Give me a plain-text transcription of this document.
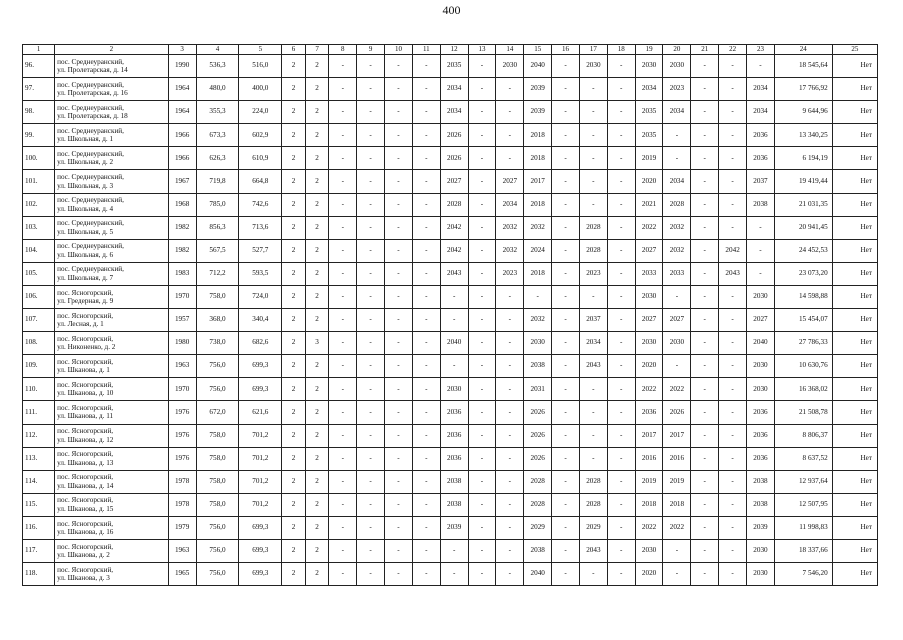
400
1	2	3	4	5	6	7	8	9	10	11	12	13	14	15	16	17	18	19	20	21	22	23	24	25
96.	пос. Среднеуранский,
ул. Пролетарская, д. 14	1990	536,3	516,0	2	2	-	-	-	-	2035	-	2030	2040	-	2030	-	2030	2030	-	-	-	18 545,64	Нет
97.	пос. Среднеуранский,
ул. Пролетарская, д. 16	1964	480,0	400,0	2	2	-	-	-	-	2034	-	-	2039	-	-	-	2034	2023	-	-	2034	17 766,92	Нет
98.	пос. Среднеуранский,
ул. Пролетарская, д. 18	1964	355,3	224,0	2	2	-	-	-	-	2034	-	-	2039	-	-	-	2035	2034	-	-	2034	9 644,96	Нет
99.	пос. Среднеуранский,
ул. Школьная, д. 1	1966	673,3	602,9	2	2	-	-	-	-	2026	-	-	2018	-	-	-	2035	-	-	-	2036	13 340,25	Нет
100.	пос. Среднеуранский,
ул. Школьная, д. 2	1966	626,3	610,9	2	2	-	-	-	-	2026	-	-	2018	-	-	-	2019	-	-	-	2036	6 194,19	Нет
101.	пос. Среднеуранский,
ул. Школьная, д. 3	1967	719,8	664,8	2	2	-	-	-	-	2027	-	2027	2017	-	-	-	2020	2034	-	-	2037	19 419,44	Нет
102.	пос. Среднеуранский,
ул. Школьная, д. 4	1968	785,0	742,6	2	2	-	-	-	-	2028	-	2034	2018	-	-	-	2021	2028	-	-	2038	21 031,35	Нет
103.	пос. Среднеуранский,
ул. Школьная, д. 5	1982	856,3	713,6	2	2	-	-	-	-	2042	-	2032	2032	-	2028	-	2022	2032	-	-	-	20 941,45	Нет
104.	пос. Среднеуранский,
ул. Школьная, д. 6	1982	567,5	527,7	2	2	-	-	-	-	2042	-	2032	2024	-	2028	-	2027	2032	-	2042	-	24 452,53	Нет
105.	пос. Среднеуранский,
ул. Школьная, д. 7	1983	712,2	593,5	2	2	-	-	-	-	2043	-	2023	2018	-	2023	-	2033	2033	-	2043	-	23 073,20	Нет
106.	пос. Ясногорский,
ул. Гредерная, д. 9	1970	758,0	724,0	2	2	-	-	-	-	-	-	-	-	-	-	-	2030	-	-	-	2030	14 598,88	Нет
107.	пос. Ясногорский,
ул. Лесная, д. 1	1957	368,0	340,4	2	2	-	-	-	-	-	-	-	2032	-	2037	-	2027	2027	-	-	2027	15 454,07	Нет
108.	пос. Ясногорский,
ул. Никоненко, д. 2	1980	738,0	682,6	2	3	-	-	-	-	2040	-	-	2030	-	2034	-	2030	2030	-	-	2040	27 786,33	Нет
109.	пос. Ясногорский,
ул. Шканова, д. 1	1963	756,0	699,3	2	2	-	-	-	-	-	-	-	2038	-	2043	-	2020	-	-	-	2030	10 630,76	Нет
110.	пос. Ясногорский,
ул. Шканова, д. 10	1970	756,0	699,3	2	2	-	-	-	-	2030	-	-	2031	-	-	-	2022	2022	-	-	2030	16 368,02	Нет
111.	пос. Ясногорский,
ул. Шканова, д. 11	1976	672,0	621,6	2	2	-	-	-	-	2036	-	-	2026	-	-	-	2036	2026	-	-	2036	21 508,78	Нет
112.	пос. Ясногорский,
ул. Шканова, д. 12	1976	758,0	701,2	2	2	-	-	-	-	2036	-	-	2026	-	-	-	2017	2017	-	-	2036	8 806,37	Нет
113.	пос. Ясногорский,
ул. Шканова, д. 13	1976	758,0	701,2	2	2	-	-	-	-	2036	-	-	2026	-	-	-	2016	2016	-	-	2036	8 637,52	Нет
114.	пос. Ясногорский,
ул. Шканова, д. 14	1978	758,0	701,2	2	2	-	-	-	-	2038	-	-	2028	-	2028	-	2019	2019	-	-	2038	12 937,64	Нет
115.	пос. Ясногорский,
ул. Шканова, д. 15	1978	758,0	701,2	2	2	-	-	-	-	2038	-	-	2028	-	2028	-	2018	2018	-	-	2038	12 507,95	Нет
116.	пос. Ясногорский,
ул. Шканова, д. 16	1979	756,0	699,3	2	2	-	-	-	-	2039	-	-	2029	-	2029	-	2022	2022	-	-	2039	11 998,83	Нет
117.	пос. Ясногорский,
ул. Шканова, д. 2	1963	756,0	699,3	2	2	-	-	-	-	-	-	-	2038	-	2043	-	2030	-	-	-	2030	18 337,66	Нет
118.	пос. Ясногорский,
ул. Шканова, д. 3	1965	756,0	699,3	2	2	-	-	-	-	-	-	-	2040	-	-	-	2020	-	-	-	2030	7 546,20	Нет
